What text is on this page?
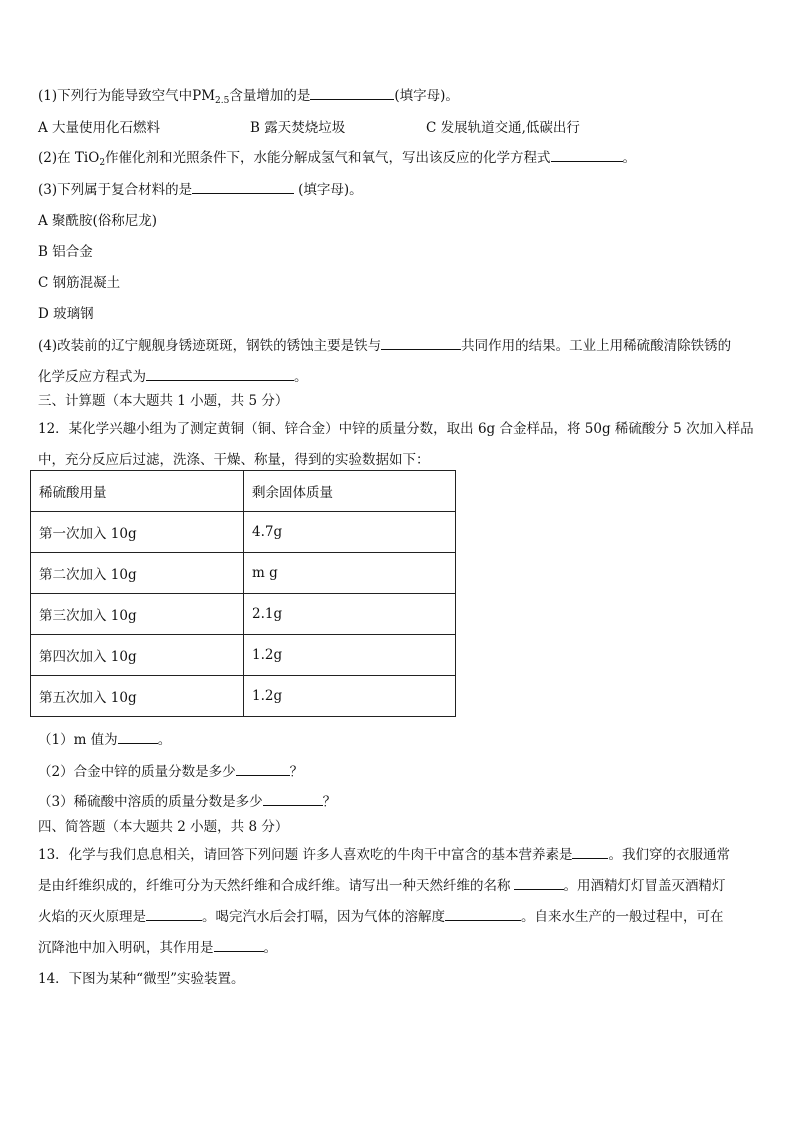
(1)下列行为能导致空气中$PM_{2.5}$含量增加的是	(填字母)。
A 大量使用化石燃料	B 露天焚烧垃圾	C 发展轨道交通,低碳出行
(2)在 TiO$_2$作催化剂和光照条件下，水能分解成氢气和氧气，写出该反应的化学方程式	。
(3)下列属于复合材料的是	(填字母)。
A 聚酰胺(俗称尼龙)
B 铝合金
C 钢筋混凝土
D 玻璃钢
(4)改装前的辽宁舰舰身锈迹斑斑，钢铁的锈蚀主要是铁与	共同作用的结果。工业上用稀硫酸清除铁锈的
化学反应方程式为	。
三、计算题（本大题共 1 小题，共 5 分）
12．某化学兴趣小组为了测定黄铜（铜、锌合金）中锌的质量分数，取出 6g 合金样品，将 50g 稀硫酸分 5 次加入样品
中，充分反应后过滤，洗涤、干燥、称量，得到的实验数据如下：
稀硫酸用量	剩余固体质量
第一次加入 10g	4.7g
第二次加入 10g	m g
第三次加入 10g	2.1g
第四次加入 10g	1.2g
第五次加入 10g	1.2g
（1）m 值为	。
（2）合金中锌的质量分数是多少	？
（3）稀硫酸中溶质的质量分数是多少	？
四、简答题（本大题共 2 小题，共 8 分）
13．化学与我们息息相关，请回答下列问题 许多人喜欢吃的牛肉干中富含的基本营养素是	。我们穿的衣服通常
是由纤维织成的，纤维可分为天然纤维和合成纤维。请写出一种天然纤维的名称	。用酒精灯灯冒盖灭酒精灯
火焰的灭火原理是	。喝完汽水后会打嗝，因为气体的溶解度	。自来水生产的一般过程中，可在
沉降池中加入明矾，其作用是	。
14．下图为某种“微型”实验装置。
